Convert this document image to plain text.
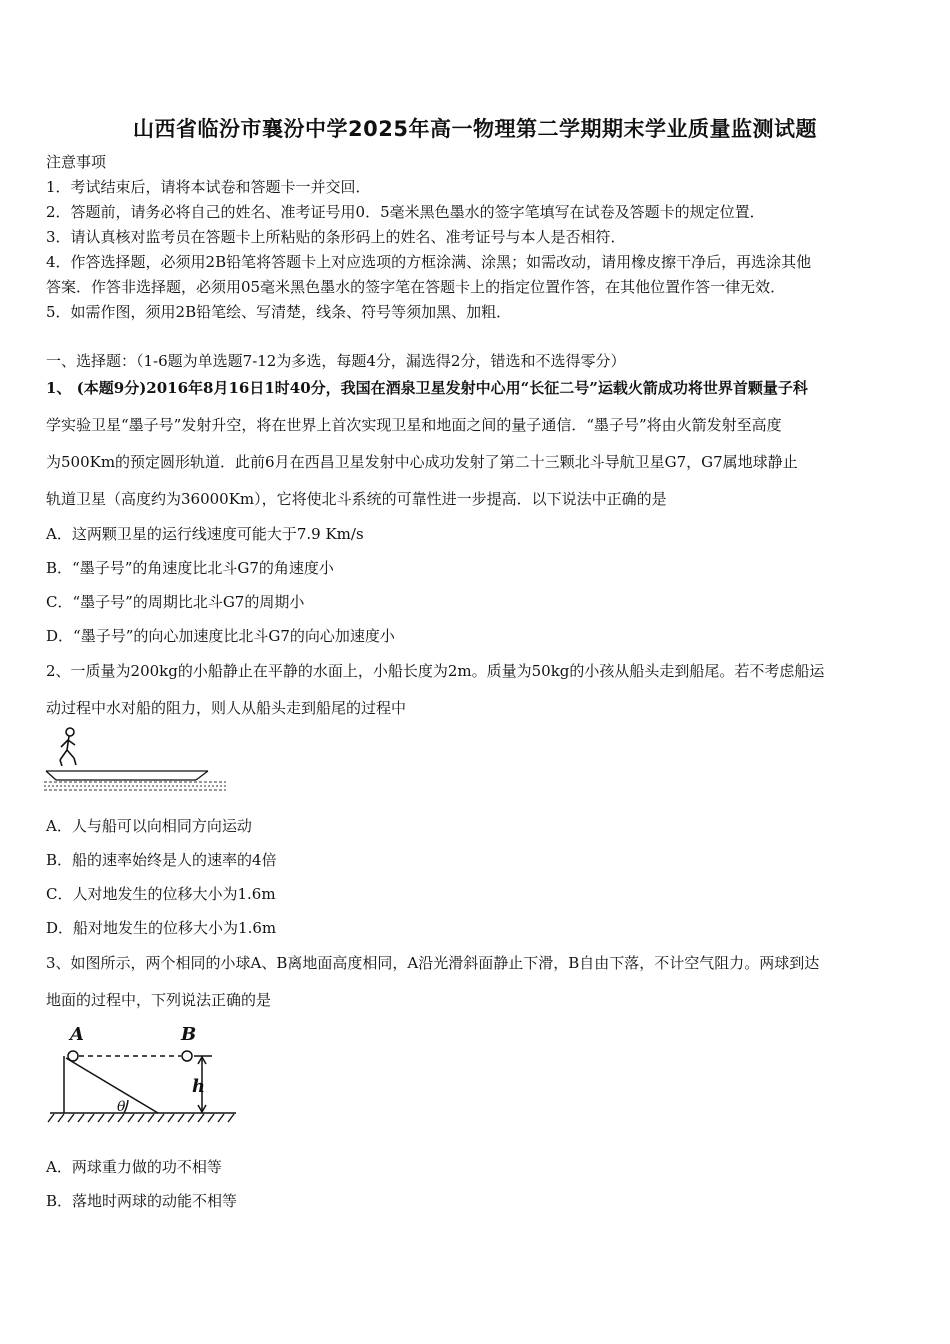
山西省临汾市襄汾中学2025年高一物理第二学期期末学业质量监测试题
注意事项
1．考试结束后，请将本试卷和答题卡一并交回．
2．答题前，请务必将自己的姓名、准考证号用0．5毫米黑色墨水的签字笔填写在试卷及答题卡的规定位置．
3．请认真核对监考员在答题卡上所粘贴的条形码上的姓名、准考证号与本人是否相符．
4．作答选择题，必须用2B铅笔将答题卡上对应选项的方框涂满、涂黑；如需改动，请用橡皮擦干净后，再选涂其他
答案．作答非选择题，必须用05毫米黑色墨水的签字笔在答题卡上的指定位置作答，在其他位置作答一律无效．
5．如需作图，须用2B铅笔绘、写清楚，线条、符号等须加黑、加粗．
一、选择题：（1-6题为单选题7-12为多选，每题4分，漏选得2分，错选和不选得零分）
1、 (本题9分)2016年8月16日1时40分，我国在酒泉卫星发射中心用“长征二号”运载火箭成功将世界首颗量子科
学实验卫星“墨子号”发射升空，将在世界上首次实现卫星和地面之间的量子通信．“墨子号”将由火箭发射至高度
为500Km的预定圆形轨道．此前6月在西昌卫星发射中心成功发射了第二十三颗北斗导航卫星G7，G7属地球静止
轨道卫星（高度约为36000Km），它将使北斗系统的可靠性进一步提高．以下说法中正确的是
A．这两颗卫星的运行线速度可能大于7.9 Km/s
B．“墨子号”的角速度比北斗G7的角速度小
C．“墨子号”的周期比北斗G7的周期小
D．“墨子号”的向心加速度比北斗G7的向心加速度小
2、一质量为200kg的小船静止在平静的水面上，小船长度为2m。质量为50kg的小孩从船头走到船尾。若不考虑船运
动过程中水对船的阻力，则人从船头走到船尾的过程中
A．人与船可以向相同方向运动
B．船的速率始终是人的速率的4倍
C．人对地发生的位移大小为1.6m
D．船对地发生的位移大小为1.6m
3、如图所示，两个相同的小球A、B离地面高度相同，A沿光滑斜面静止下滑，B自由下落，不计空气阻力。两球到达
地面的过程中，下列说法正确的是
A	B
h
θ
A．两球重力做的功不相等
B．落地时两球的动能不相等
